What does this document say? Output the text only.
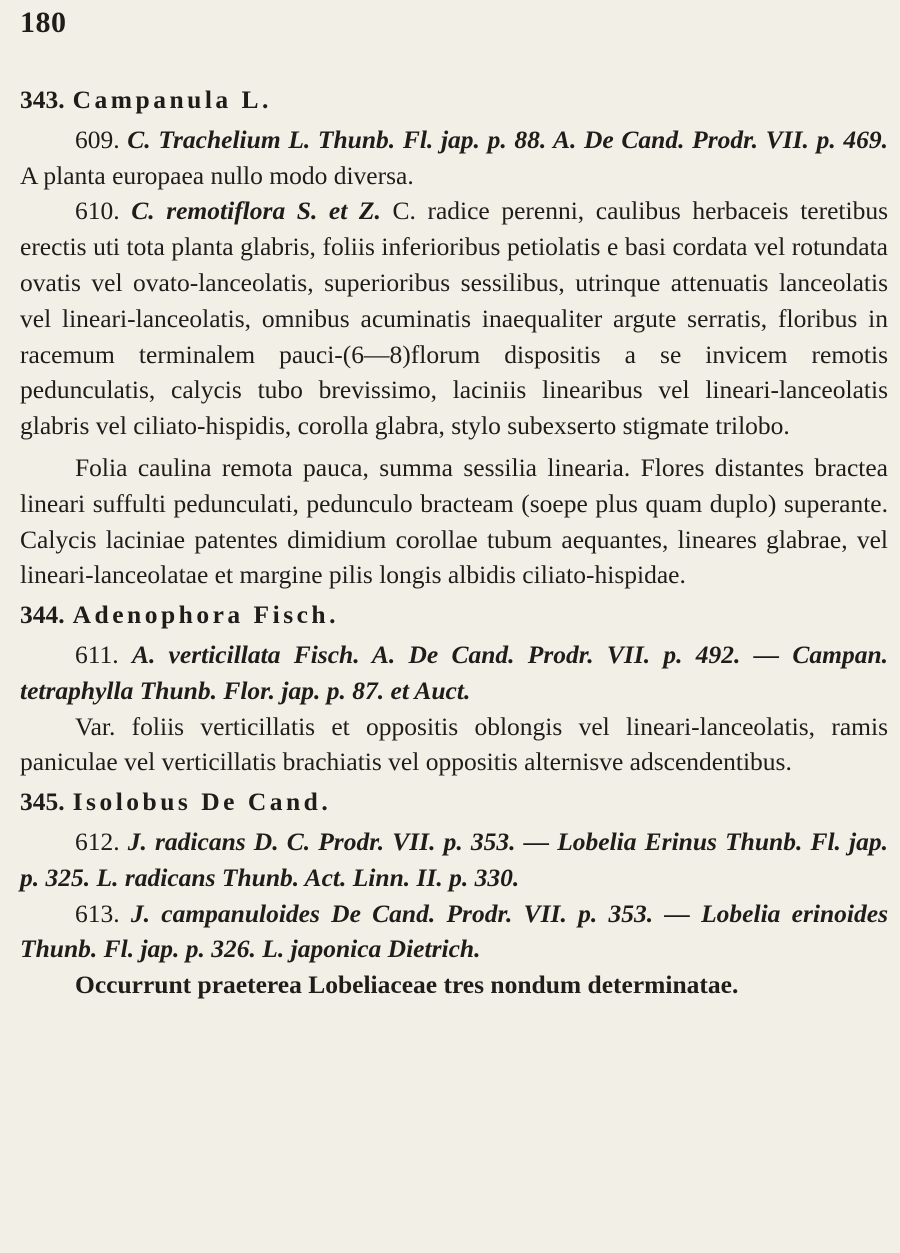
180

343. Campanula L.

609. C. Trachelium L. Thunb. Fl. jap. p. 88. A. De Cand. Prodr. VII. p. 469. A planta europaea nullo modo diversa.

610. C. remotiflora S. et Z. C. radice perenni, caulibus herbaceis teretibus erectis uti tota planta glabris, foliis inferioribus petiolatis e basi cordata vel rotundata ovatis vel ovato-lanceolatis, superioribus sessilibus, utrinque attenuatis lanceolatis vel lineari-lanceolatis, omnibus acuminatis inaequaliter argute serratis, floribus in racemum terminalem pauci-(6—8)florum dispositis a se invicem remotis pedunculatis, calycis tubo brevissimo, laciniis linearibus vel lineari-lanceolatis glabris vel ciliato-hispidis, corolla glabra, stylo subexserto stigmate trilobo.

Folia caulina remota pauca, summa sessilia linearia. Flores distantes bractea lineari suffulti pedunculati, pedunculo bracteam (soepe plus quam duplo) superante. Calycis laciniae patentes dimidium corollae tubum aequantes, lineares glabrae, vel lineari-lanceolatae et margine pilis longis albidis ciliato-hispidae.

344. Adenophora Fisch.

611. A. verticillata Fisch. A. De Cand. Prodr. VII. p. 492. — Campan. tetraphylla Thunb. Flor. jap. p. 87. et Auct.

Var. foliis verticillatis et oppositis oblongis vel lineari-lanceolatis, ramis paniculae vel verticillatis brachiatis vel oppositis alternisve adscendentibus.

345. Isolobus De Cand.

612. J. radicans D. C. Prodr. VII. p. 353. — Lobelia Erinus Thunb. Fl. jap. p. 325. L. radicans Thunb. Act. Linn. II. p. 330.

613. J. campanuloides De Cand. Prodr. VII. p. 353. — Lobelia erinoides Thunb. Fl. jap. p. 326. L. japonica Dietrich.

Occurrunt praeterea Lobeliaceae tres nondum determinatae.
